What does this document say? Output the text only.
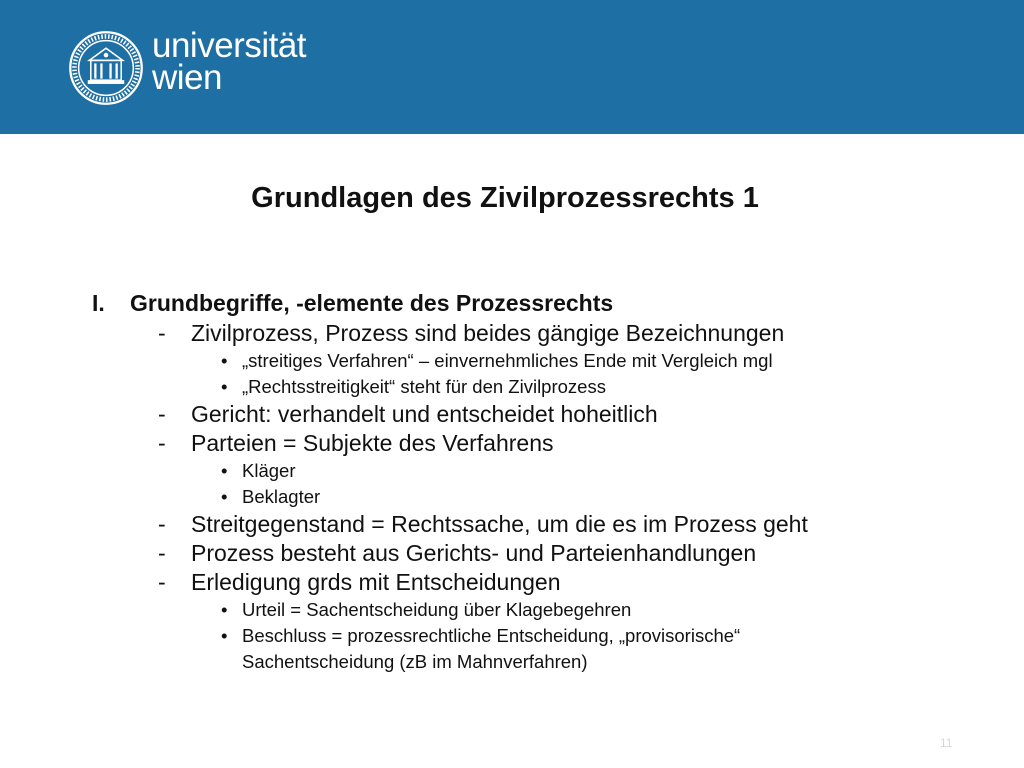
universität
wien
Grundlagen des Zivilprozessrechts 1
I. Grundbegriffe, -elemente des Prozessrechts
- Zivilprozess, Prozess sind beides gängige Bezeichnungen
• „streitiges Verfahren“ – einvernehmliches Ende mit Vergleich mgl
• „Rechtsstreitigkeit“ steht für den Zivilprozess
- Gericht: verhandelt und entscheidet hoheitlich
- Parteien = Subjekte des Verfahrens
• Kläger
• Beklagter
- Streitgegenstand = Rechtssache, um die es im Prozess geht
- Prozess besteht aus Gerichts- und Parteienhandlungen
- Erledigung grds mit Entscheidungen
• Urteil = Sachentscheidung über Klagebegehren
• Beschluss = prozessrechtliche Entscheidung, „provisorische“
Sachentscheidung (zB im Mahnverfahren)
11
